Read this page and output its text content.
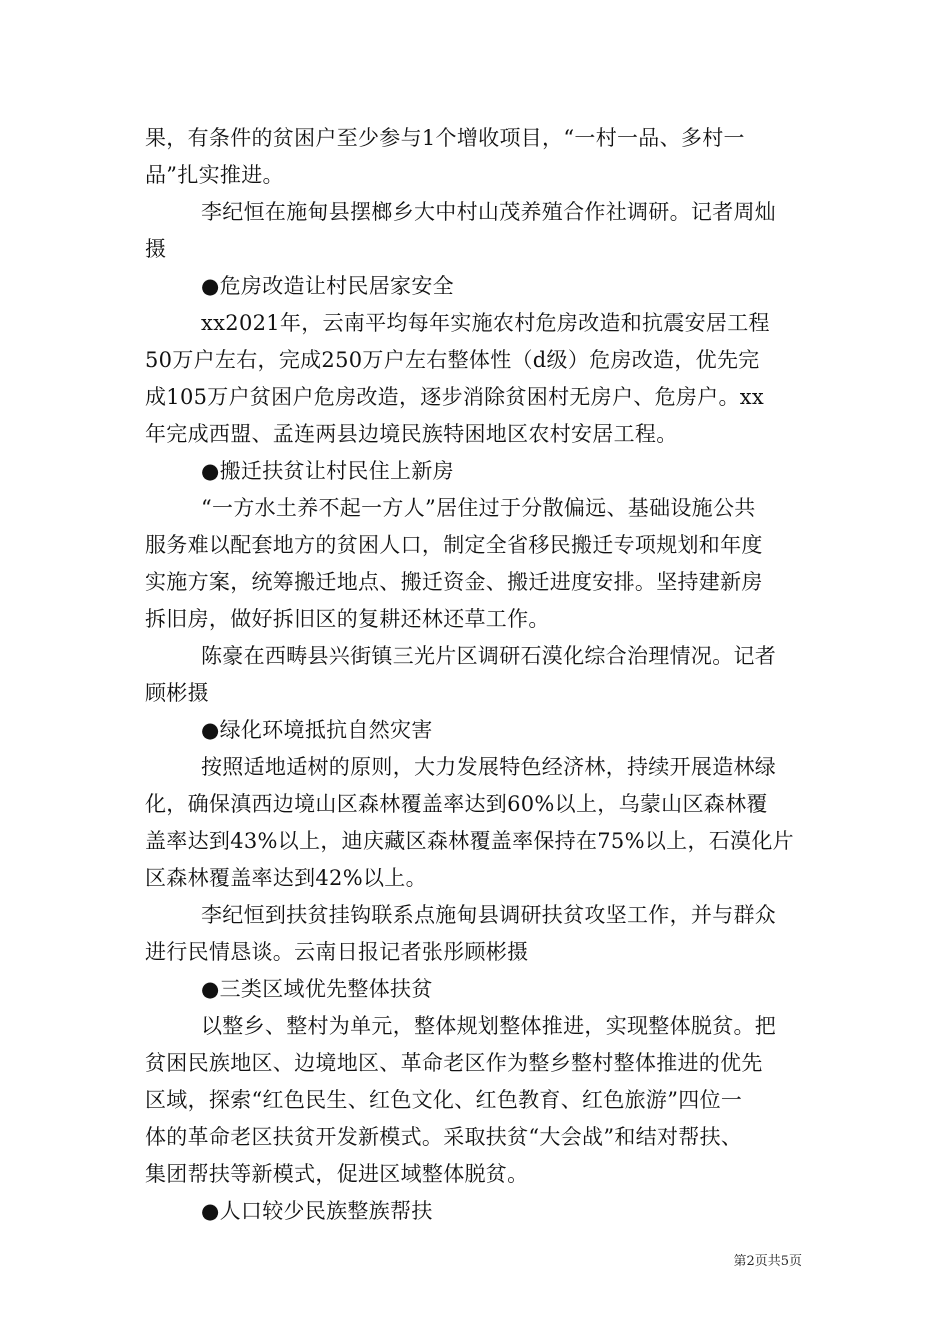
果，有条件的贫困户至少参与1个增收项目，“一村一品、多村一
品”扎实推进。
李纪恒在施甸县摆榔乡大中村山茂养殖合作社调研。记者周灿
摄
●危房改造让村民居家安全
xx2021年，云南平均每年实施农村危房改造和抗震安居工程
50万户左右，完成250万户左右整体性（d级）危房改造，优先完
成105万户贫困户危房改造，逐步消除贫困村无房户、危房户。xx
年完成西盟、孟连两县边境民族特困地区农村安居工程。
●搬迁扶贫让村民住上新房
“一方水土养不起一方人”居住过于分散偏远、基础设施公共
服务难以配套地方的贫困人口，制定全省移民搬迁专项规划和年度
实施方案，统筹搬迁地点、搬迁资金、搬迁进度安排。坚持建新房
拆旧房，做好拆旧区的复耕还林还草工作。
陈豪在西畴县兴街镇三光片区调研石漠化综合治理情况。记者
顾彬摄
●绿化环境抵抗自然灾害
按照适地适树的原则，大力发展特色经济林，持续开展造林绿
化，确保滇西边境山区森林覆盖率达到60%以上，乌蒙山区森林覆
盖率达到43%以上，迪庆藏区森林覆盖率保持在75%以上，石漠化片
区森林覆盖率达到42%以上。
李纪恒到扶贫挂钩联系点施甸县调研扶贫攻坚工作，并与群众
进行民情恳谈。云南日报记者张彤顾彬摄
●三类区域优先整体扶贫
以整乡、整村为单元，整体规划整体推进，实现整体脱贫。把
贫困民族地区、边境地区、革命老区作为整乡整村整体推进的优先
区域，探索“红色民生、红色文化、红色教育、红色旅游”四位一
体的革命老区扶贫开发新模式。采取扶贫“大会战”和结对帮扶、
集团帮扶等新模式，促进区域整体脱贫。
●人口较少民族整族帮扶
第2页共5页
